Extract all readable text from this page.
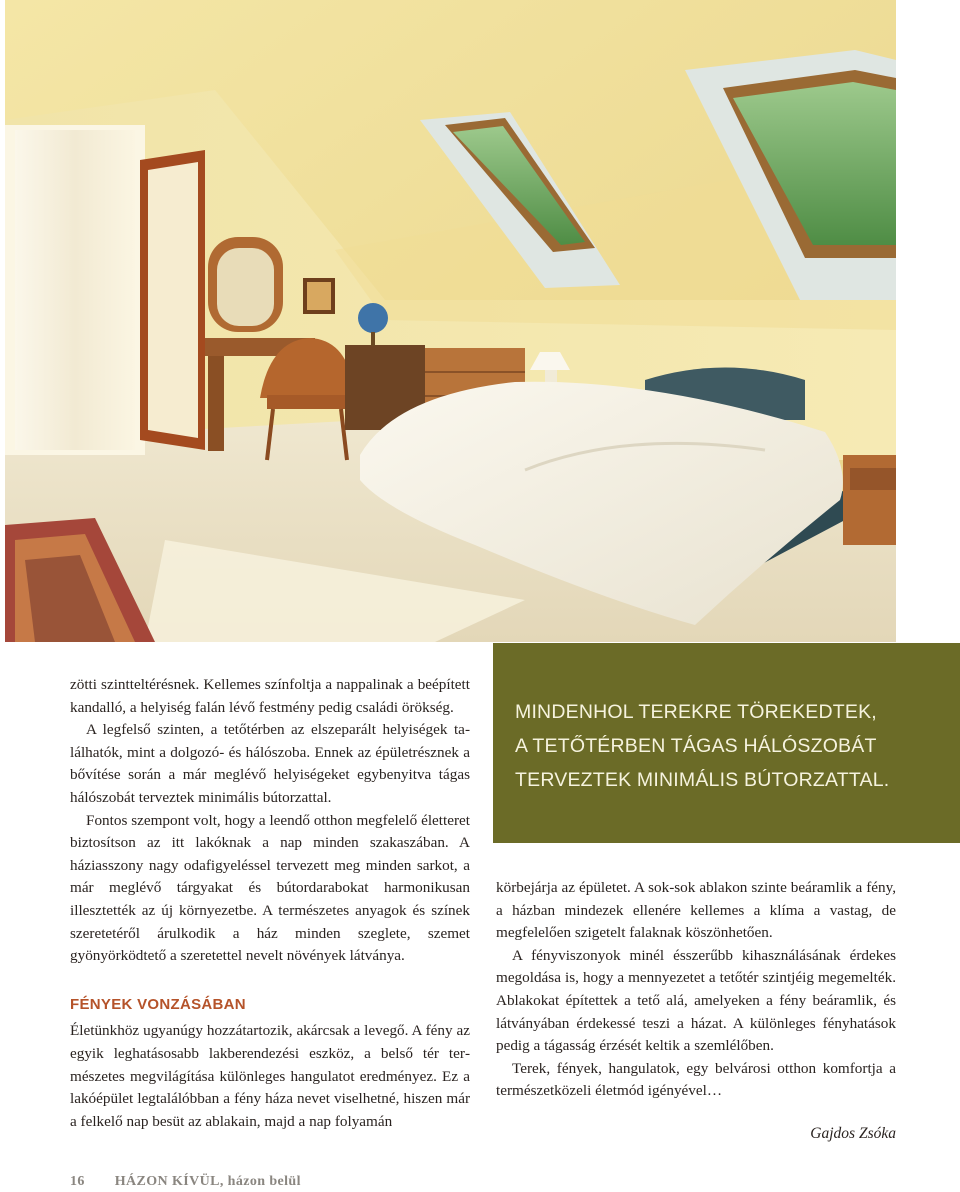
zötti szintteltérésnek. Kellemes színfoltja a nappalinak a beépített kandalló, a helyiség falán lévő festmény pedig családi örökség.

A legfelső szinten, a tetőtérben az elszeparált helyiségek találhatók, mint a dolgozó- és hálószoba. Ennek az épületrésznek a bővítése során a már meglévő helyiségeket egybenyitva tágas hálószobát terveztek minimális bútorzattal.

Fontos szempont volt, hogy a leendő otthon megfelelő életteret biztosítson az itt lakóknak a nap minden szakaszában. A háziasszony nagy odafigyeléssel tervezett meg minden sarkot, a már meglévő tárgyakat és bútordarabokat harmonikusan illesztették az új környezetbe. A természetes anyagok és színek szeretetéről árulkodik a ház minden szeglete, szemet gyönyörködtető a szeretettel nevelt növények látványa.

FÉNYEK VONZÁSÁBAN

Életünkhöz ugyanúgy hozzátartozik, akárcsak a levegő. A fény az egyik leghatásosabb lakberendezési eszköz, a belső tér természetes megvilágítása különleges hangulatot eredményez. Ez a lakóépület legtalálóbban a fény háza nevet viselhetné, hiszen már a felkelő nap besüt az ablakain, majd a nap folyamán

MINDENHOL TEREKRE TÖREKEDTEK,
A TETŐTÉRBEN TÁGAS HÁLÓSZOBÁT
TERVEZTEK MINIMÁLIS BÚTORZATTAL.

körbejárja az épületet. A sok-sok ablakon szinte beáramlik a fény, a házban mindezek ellenére kellemes a klíma a vastag, de megfelelően szigetelt falaknak köszönhetően.

A fényviszonyok minél ésszerűbb kihasználásának érdekes megoldása is, hogy a mennyezetet a tetőtér szintjéig megemelték. Ablakokat építettek a tető alá, amelyeken a fény beáramlik, és látványában érdekessé teszi a házat. A különleges fényhatások pedig a tágasság érzését keltik a szemlélőben.

Terek, fények, hangulatok, egy belvárosi otthon komfortja a természetközeli életmód igényével…

Gajdos Zsóka
16 HÁZON KÍVÜL, házon belül
